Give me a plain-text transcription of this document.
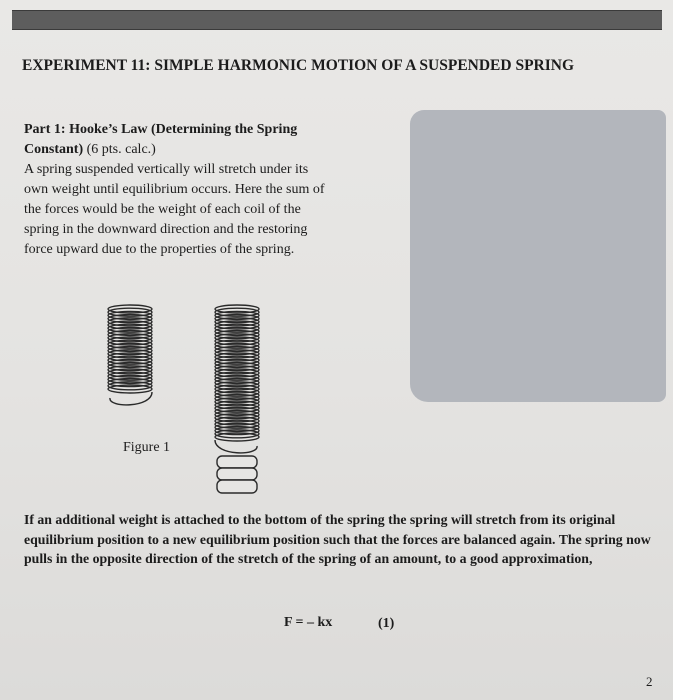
EXPERIMENT 11: SIMPLE HARMONIC MOTION OF A SUSPENDED SPRING
Part 1: Hooke’s Law (Determining the Spring Constant) (6 pts. calc.)
A spring suspended vertically will stretch under its own weight until equilibrium occurs. Here the sum of the forces would be the weight of each coil of the spring in the downward direction and the restoring force upward due to the properties of the spring.
Figure 1
If an additional weight is attached to the bottom of the spring the spring will stretch from its original equilibrium position to a new equilibrium position such that the forces are balanced again. The spring now pulls in the opposite direction of the stretch of the spring of an amount, to a good approximation,
F = – kx	(1)
2
